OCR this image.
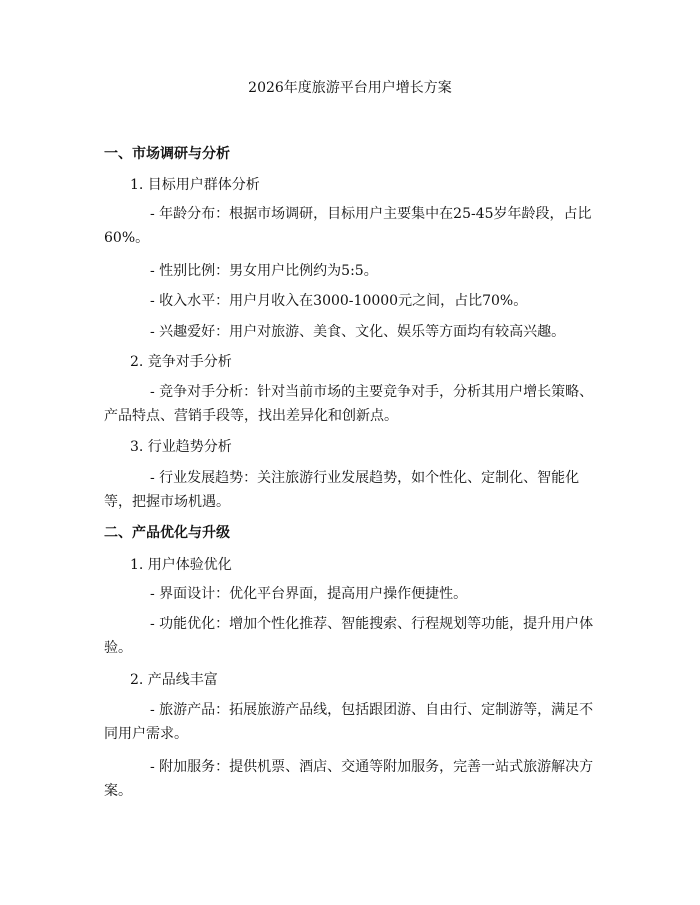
2026年度旅游平台用户增长方案
一、市场调研与分析
1. 目标用户群体分析
- 年龄分布：根据市场调研，目标用户主要集中在25-45岁年龄段，占比60%。
- 性别比例：男女用户比例约为5:5。
- 收入水平：用户月收入在3000-10000元之间，占比70%。
- 兴趣爱好：用户对旅游、美食、文化、娱乐等方面均有较高兴趣。
2. 竞争对手分析
- 竞争对手分析：针对当前市场的主要竞争对手，分析其用户增长策略、产品特点、营销手段等，找出差异化和创新点。
3. 行业趋势分析
- 行业发展趋势：关注旅游行业发展趋势，如个性化、定制化、智能化等，把握市场机遇。
二、产品优化与升级
1. 用户体验优化
- 界面设计：优化平台界面，提高用户操作便捷性。
- 功能优化：增加个性化推荐、智能搜索、行程规划等功能，提升用户体验。
2. 产品线丰富
- 旅游产品：拓展旅游产品线，包括跟团游、自由行、定制游等，满足不同用户需求。
- 附加服务：提供机票、酒店、交通等附加服务，完善一站式旅游解决方案。
